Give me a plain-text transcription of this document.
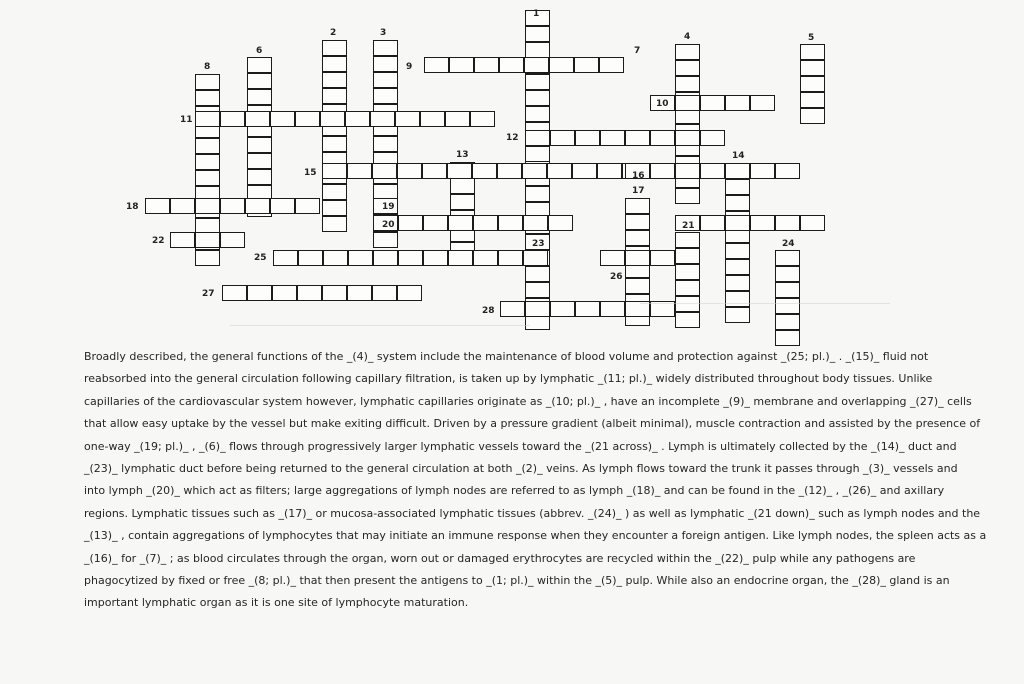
1
2	3	4	5
6	7
8	9
10
11
12
13	14
15	16
17
18	19
20	21
22	23	24
25
26
27
28
Broadly described, the general functions of the _(4)_ system include the maintenance of blood volume and protection against _(25; pl.)_ . _(15)_ fluid not
reabsorbed into the general circulation following capillary filtration, is taken up by lymphatic _(11; pl.)_ widely distributed throughout body tissues. Unlike
capillaries of the cardiovascular system however, lymphatic capillaries originate as _(10; pl.)_ , have an incomplete _(9)_ membrane and overlapping _(27)_ cells
that allow easy uptake by the vessel but make exiting difficult. Driven by a pressure gradient (albeit minimal), muscle contraction and assisted by the presence of
one-way _(19; pl.)_ , _(6)_ flows through progressively larger lymphatic vessels toward the _(21 across)_ . Lymph is ultimately collected by the _(14)_ duct and
_(23)_ lymphatic duct before being returned to the general circulation at both _(2)_ veins. As lymph flows toward the trunk it passes through _(3)_ vessels and
into lymph _(20)_ which act as filters; large aggregations of lymph nodes are referred to as lymph _(18)_ and can be found in the _(12)_ , _(26)_ and axillary
regions. Lymphatic tissues such as _(17)_ or mucosa-associated lymphatic tissues (abbrev. _(24)_ ) as well as lymphatic _(21 down)_ such as lymph nodes and the
_(13)_ , contain aggregations of lymphocytes that may initiate an immune response when they encounter a foreign antigen. Like lymph nodes, the spleen acts as a
_(16)_ for _(7)_ ; as blood circulates through the organ, worn out or damaged erythrocytes are recycled within the _(22)_ pulp while any pathogens are
phagocytized by fixed or free _(8; pl.)_ that then present the antigens to _(1; pl.)_ within the _(5)_ pulp. While also an endocrine organ, the _(28)_ gland is an
important lymphatic organ as it is one site of lymphocyte maturation.
